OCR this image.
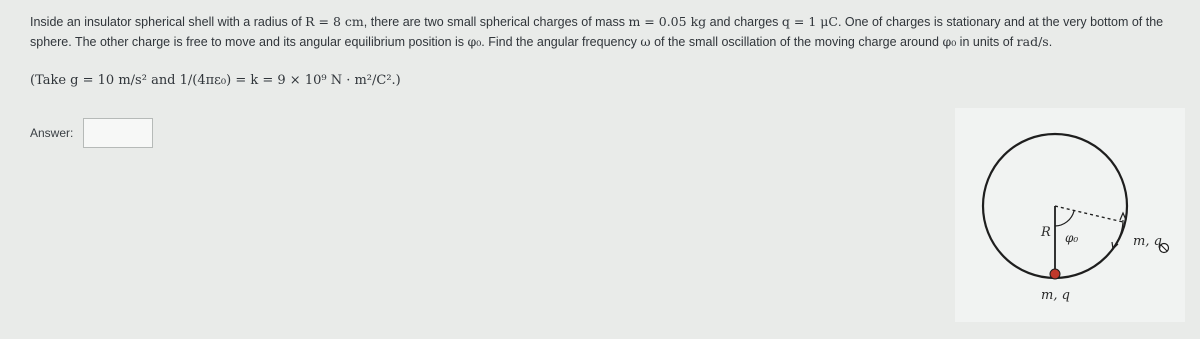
Inside an insulator spherical shell with a radius of R = 8 cm, there are two small spherical charges of mass m = 0.05 kg and charges q = 1 μC. One of charges is stationary and at the very bottom of the sphere. The other charge is free to move and its angular equilibrium position is φ₀. Find the angular frequency ω of the small oscillation of the moving charge around φ₀ in units of rad/s.
(Take g = 10 m/s² and 1/(4πε₀) = k = 9 × 10⁹ N · m²/C².)
Answer:
R φ₀
m, q
m, q
